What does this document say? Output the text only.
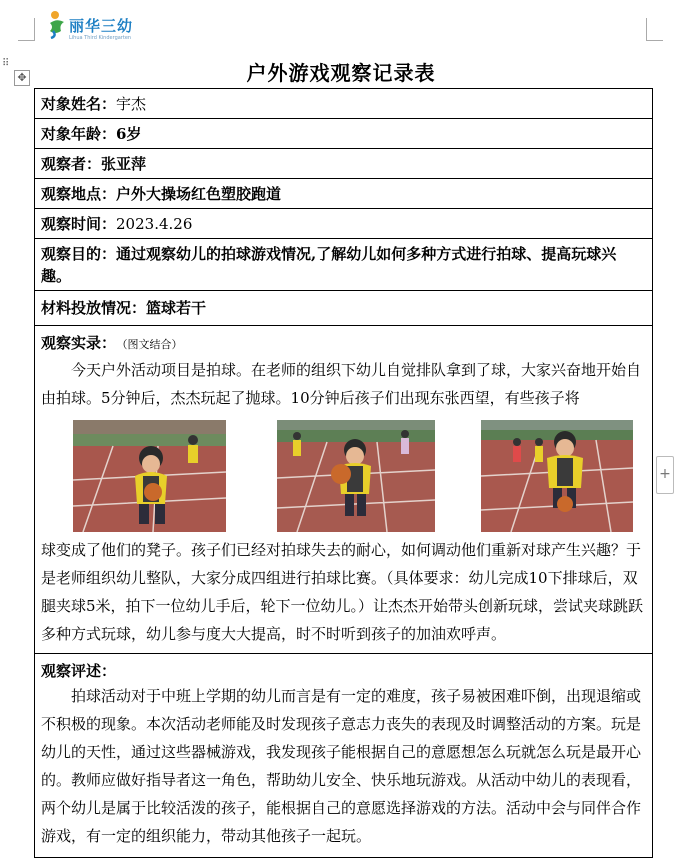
丽华三幼
Lihua Third Kindergarten
⠿
✥
+
户外游戏观察记录表
对象姓名：宇杰
对象年龄：6岁
观察者：张亚萍
观察地点：户外大操场红色塑胶跑道
观察时间：2023.4.26
观察目的：通过观察幼儿的拍球游戏情况,了解幼儿如何多种方式进行拍球、提高玩球兴趣。
材料投放情况：篮球若干
观察实录： （图文结合）

今天户外活动项目是拍球。在老师的组织下幼儿自觉排队拿到了球，大家兴奋地开始自由拍球。5分钟后，杰杰玩起了抛球。10分钟后孩子们出现东张西望，有些孩子将

球变成了他们的凳子。孩子们已经对拍球失去的耐心，如何调动他们重新对球产生兴趣？于是老师组织幼儿整队，大家分成四组进行拍球比赛。（具体要求：幼儿完成10下排球后，双腿夹球5米，拍下一位幼儿手后，轮下一位幼儿。）让杰杰开始带头创新玩球，尝试夹球跳跃多种方式玩球，幼儿参与度大大提高，时不时听到孩子的加油欢呼声。

观察评述：

拍球活动对于中班上学期的幼儿而言是有一定的难度，孩子易被困难吓倒，出现退缩或不积极的现象。本次活动老师能及时发现孩子意志力丧失的表现及时调整活动的方案。玩是幼儿的天性，通过这些器械游戏，我发现孩子能根据自己的意愿想怎么玩就怎么玩是最开心的。教师应做好指导者这一角色，帮助幼儿安全、快乐地玩游戏。从活动中幼儿的表现看，两个幼儿是属于比较活泼的孩子，能根据自己的意愿选择游戏的方法。活动中会与同伴合作游戏，有一定的组织能力，带动其他孩子一起玩。
